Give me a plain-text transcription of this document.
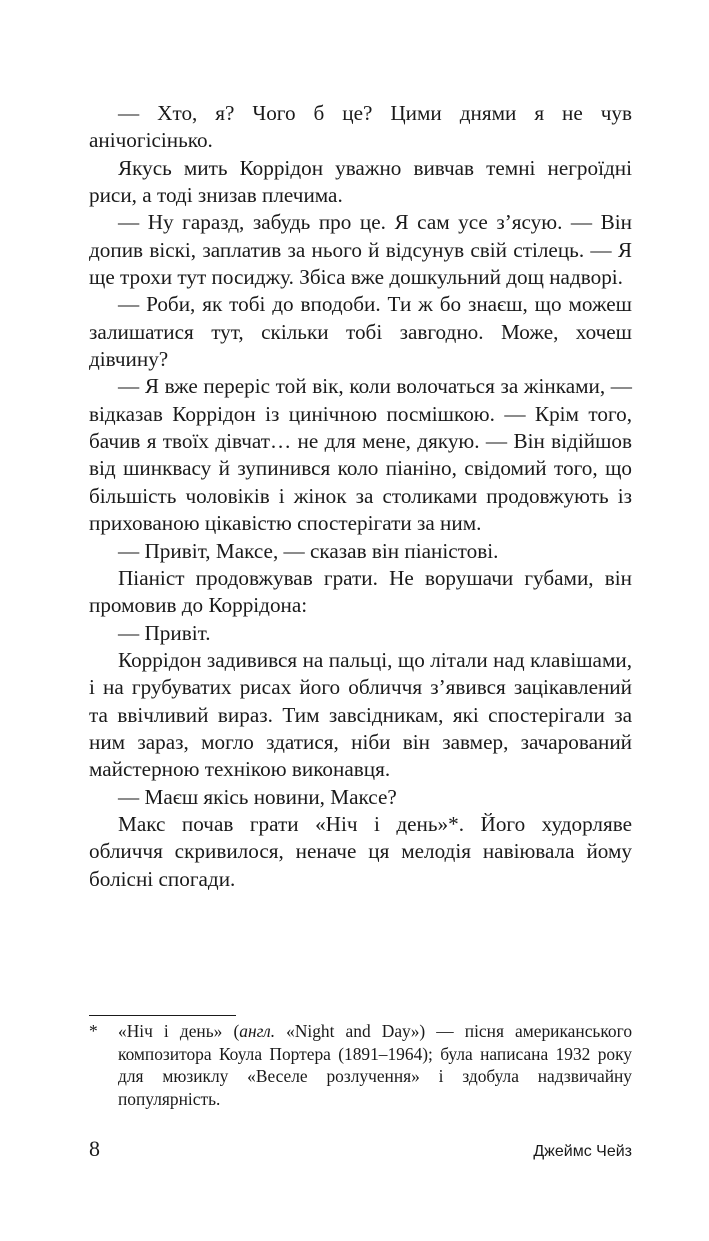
— Хто, я? Чого б це? Цими днями я не чув анічогісінько.

Якусь мить Коррідон уважно вивчав темні негроїдні риси, а тоді знизав плечима.

— Ну гаразд, забудь про це. Я сам усе з’ясую. — Він допив віскі, заплатив за нього й відсунув свій стілець. — Я ще трохи тут посиджу. Збіса вже дошкульний дощ надворі.

— Роби, як тобі до вподоби. Ти ж бо знаєш, що можеш залишатися тут, скільки тобі завгодно. Може, хочеш дівчину?

— Я вже переріс той вік, коли волочаться за жінками, — відказав Коррідон із цинічною посмішкою. — Крім того, бачив я твоїх дівчат… не для мене, дякую. — Він відійшов від шинквасу й зупинився коло піаніно, свідомий того, що більшість чоловіків і жінок за столиками продовжують із прихованою цікавістю спостерігати за ним.

— Привіт, Максе, — сказав він піаністові.

Піаніст продовжував грати. Не ворушачи губами, він промовив до Коррідона:

— Привіт.

Коррідон задивився на пальці, що літали над клавішами, і на грубуватих рисах його обличчя з’явився зацікавлений та ввічливий вираз. Тим завсідникам, які спостерігали за ним зараз, могло здатися, ніби він завмер, зачарований майстерною технікою виконавця.

— Маєш якісь новини, Максе?

Макс почав грати «Ніч і день»*. Його худорляве обличчя скривилося, неначе ця мелодія навіювала йому болісні спогади.

* «Ніч і день» (англ. «Night and Day») — пісня американського композитора Коула Портера (1891–1964); була написана 1932 року для мюзиклу «Веселе розлучення» і здобула надзвичайну популярність.
8	Джеймс Чейз
